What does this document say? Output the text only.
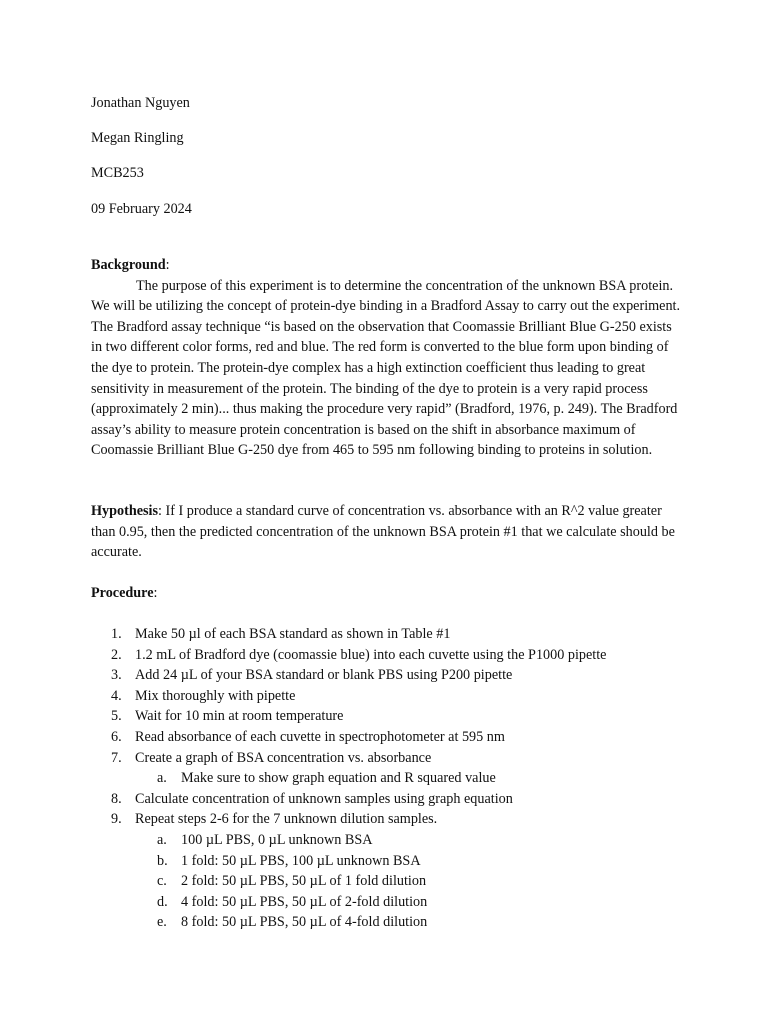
Jonathan Nguyen
Megan Ringling
MCB253
09 February 2024
Background:

The purpose of this experiment is to determine the concentration of the unknown BSA protein. We will be utilizing the concept of protein-dye binding in a Bradford Assay to carry out the experiment. The Bradford assay technique “is based on the observation that Coomassie Brilliant Blue G-250 exists in two different color forms, red and blue. The red form is converted to the blue form upon binding of the dye to protein. The protein-dye complex has a high extinction coefficient thus leading to great sensitivity in measurement of the protein. The binding of the dye to protein is a very rapid process (approximately 2 min)... thus making the procedure very rapid” (Bradford, 1976, p. 249). The Bradford assay’s ability to measure protein concentration is based on the shift in absorbance maximum of Coomassie Brilliant Blue G-250 dye from 465 to 595 nm following binding to proteins in solution.

Hypothesis: If I produce a standard curve of concentration vs. absorbance with an R^2 value greater than 0.95, then the predicted concentration of the unknown BSA protein #1 that we calculate should be accurate.

Procedure:
1. Make 50 µl of each BSA standard as shown in Table #1
2. 1.2 mL of Bradford dye (coomassie blue) into each cuvette using the P1000 pipette
3. Add 24 µL of your BSA standard or blank PBS using P200 pipette
4. Mix thoroughly with pipette
5. Wait for 10 min at room temperature
6. Read absorbance of each cuvette in spectrophotometer at 595 nm
7. Create a graph of BSA concentration vs. absorbance
a. Make sure to show graph equation and R squared value
8. Calculate concentration of unknown samples using graph equation
9. Repeat steps 2-6 for the 7 unknown dilution samples.
a. 100 µL PBS, 0 µL unknown BSA
b. 1 fold: 50 µL PBS, 100 µL unknown BSA
c. 2 fold: 50 µL PBS, 50 µL of 1 fold dilution
d. 4 fold: 50 µL PBS, 50 µL of 2-fold dilution
e. 8 fold: 50 µL PBS, 50 µL of 4-fold dilution
